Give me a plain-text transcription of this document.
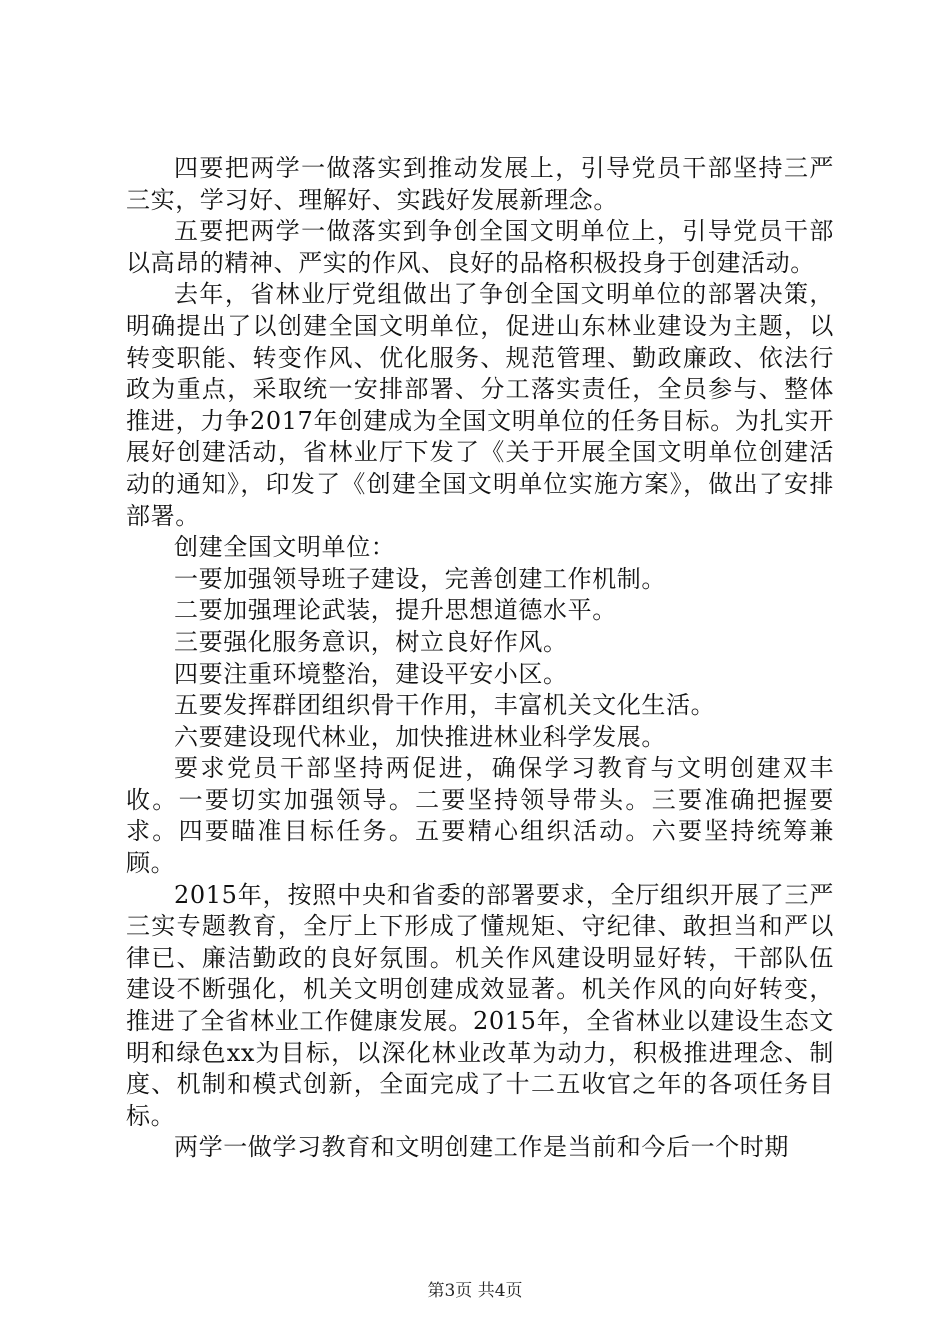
四要把两学一做落实到推动发展上，引导党员干部坚持三严三实，学习好、理解好、实践好发展新理念。

五要把两学一做落实到争创全国文明单位上，引导党员干部以高昂的精神、严实的作风、良好的品格积极投身于创建活动。

去年，省林业厅党组做出了争创全国文明单位的部署决策，明确提出了以创建全国文明单位，促进山东林业建设为主题，以转变职能、转变作风、优化服务、规范管理、勤政廉政、依法行政为重点，采取统一安排部署、分工落实责任，全员参与、整体推进，力争2017年创建成为全国文明单位的任务目标。为扎实开展好创建活动，省林业厅下发了《关于开展全国文明单位创建活动的通知》，印发了《创建全国文明单位实施方案》，做出了安排部署。

创建全国文明单位：

一要加强领导班子建设，完善创建工作机制。

二要加强理论武装，提升思想道德水平。

三要强化服务意识，树立良好作风。

四要注重环境整治，建设平安小区。

五要发挥群团组织骨干作用，丰富机关文化生活。

六要建设现代林业，加快推进林业科学发展。

要求党员干部坚持两促进，确保学习教育与文明创建双丰收。一要切实加强领导。二要坚持领导带头。三要准确把握要求。四要瞄准目标任务。五要精心组织活动。六要坚持统筹兼顾。

2015年，按照中央和省委的部署要求，全厅组织开展了三严三实专题教育，全厅上下形成了懂规矩、守纪律、敢担当和严以律已、廉洁勤政的良好氛围。机关作风建设明显好转，干部队伍建设不断强化，机关文明创建成效显著。机关作风的向好转变，推进了全省林业工作健康发展。2015年，全省林业以建设生态文明和绿色xx为目标，以深化林业改革为动力，积极推进理念、制度、机制和模式创新，全面完成了十二五收官之年的各项任务目标。

两学一做学习教育和文明创建工作是当前和今后一个时期

第3页 共4页
